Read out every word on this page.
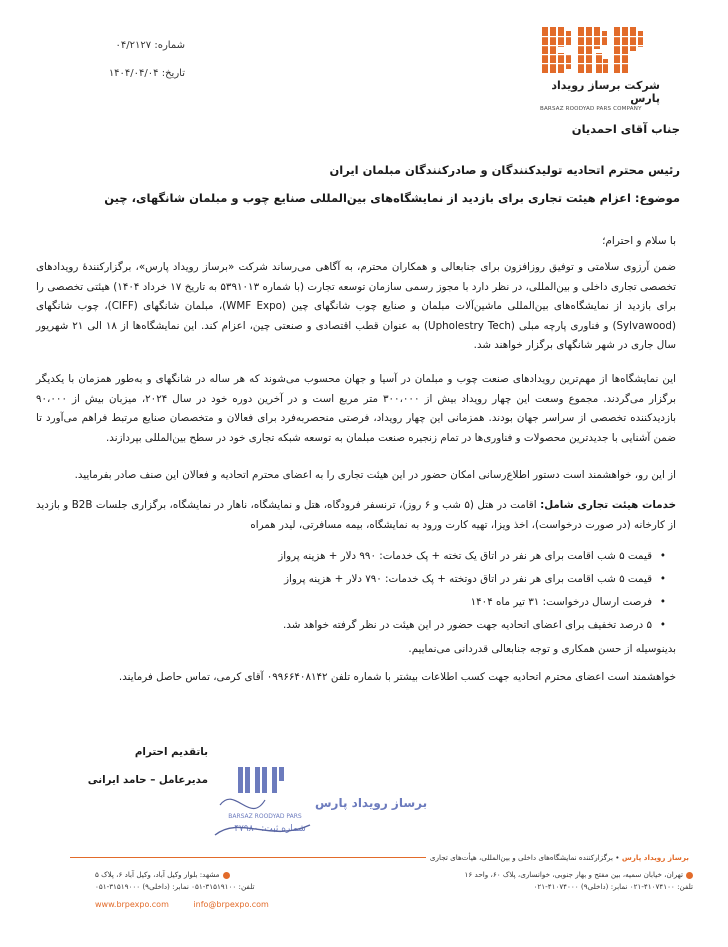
شماره: ۰۴/۲۱۲۷
تاریخ: ۱۴۰۴/۰۴/۰۴
شرکت برساز رویداد پارس
BARSAZ ROODYAD PARS COMPANY
جناب آقای احمدیان
رئیس محترم اتحادیه تولیدکنندگان و صادرکنندگان مبلمان ایران
موضوع: اعزام هیئت تجاری برای بازدید از نمایشگاه‌های بین‌المللی صنایع چوب و مبلمان شانگهای، چین
با سلام و احترام؛
ضمن آرزوی سلامتی و توفیق روزافزون برای جنابعالی و همکاران محترم، به آگاهی می‌رساند شرکت «برساز رویداد پارس»، برگزارکنندهٔ رویدادهای تخصصی تجاری داخلی و بین‌المللی، در نظر دارد با مجوز رسمی سازمان توسعه تجارت (با شماره ۵۳۹۱۰۱۳ به تاریخ ۱۷ خرداد ۱۴۰۴) هیئتی تخصصی را برای بازدید از نمایشگاه‌های بین‌المللی ماشین‌آلات مبلمان و صنایع چوب شانگهای چین (WMF Expo)، مبلمان شانگهای (CIFF)، چوب شانگهای (Sylvawood) و فناوری پارچه مبلی (Upholestry Tech) به عنوان قطب اقتصادی و صنعتی چین، اعزام کند. این نمایشگاه‌ها از ۱۸ الی ۲۱ شهریور سال جاری در شهر شانگهای برگزار خواهند شد.
این نمایشگاه‌ها از مهم‌ترین رویدادهای صنعت چوب و مبلمان در آسیا و جهان محسوب می‌شوند که هر ساله در شانگهای و به‌طور همزمان با یکدیگر برگزار می‌گردند. مجموع وسعت این چهار رویداد بیش از ۳۰۰،۰۰۰ متر مربع است و در آخرین دوره خود در سال ۲۰۲۴، میزبان بیش از ۹۰،۰۰۰ بازدیدکننده تخصصی از سراسر جهان بودند. همزمانی این چهار رویداد، فرصتی منحصربه‌فرد برای فعالان و متخصصان صنایع مرتبط فراهم می‌آورد تا ضمن آشنایی با جدیدترین محصولات و فناوری‌ها در تمام زنجیره صنعت مبلمان به توسعه شبکه تجاری خود در سطح بین‌المللی بپردازند.
از این رو، خواهشمند است دستور اطلاع‌رسانی امکان حضور در این هیئت تجاری را به اعضای محترم اتحادیه و فعالان این صنف صادر بفرمایید.
خدمات هیئت تجاری شامل: اقامت در هتل (۵ شب و ۶ روز)، ترنسفر فرودگاه، هتل و نمایشگاه، ناهار در نمایشگاه، برگزاری جلسات B2B و بازدید از کارخانه (در صورت درخواست)، اخذ ویزا، تهیه کارت ورود به نمایشگاه، بیمه مسافرتی، لیدر همراه
• قیمت ۵ شب اقامت برای هر نفر در اتاق یک تخته + پک خدمات: ۹۹۰ دلار + هزینه پرواز
• قیمت ۵ شب اقامت برای هر نفر در اتاق دوتخته + پک خدمات: ۷۹۰ دلار + هزینه پرواز
• فرصت ارسال درخواست: ۳۱ تیر ماه ۱۴۰۴
• ۵ درصد تخفیف برای اعضای اتحادیه جهت حضور در این هیئت در نظر گرفته خواهد شد.
بدینوسیله از حسن همکاری و توجه جنابعالی قدردانی می‌نماییم.
خواهشمند است اعضای محترم اتحادیه جهت کسب اطلاعات بیشتر با شماره تلفن ۰۹۹۶۶۴۰۸۱۴۲ آقای کرمی، تماس حاصل فرمایند.
باتقدیم احترام
مدیرعامل – حامد ایرانی
برساز رویداد پارس
BARSAZ ROODYAD PARS
شماره ثبت: ۴۷۹۸۰
برساز رویداد پارس • برگزارکننده نمایشگاه‌های داخلی و بین‌المللی، هیأت‌های تجاری
تهران، خیابان سمیه، بین مفتح و بهار جنوبی، خوانساری، پلاک ۶۰، واحد ۱۶
تلفن: ۴۱۰۷۴۱۰۰-۰۲۱ نمابر: (داخلی۹) ۴۱۰۷۴۰۰۰-۰۲۱
مشهد: بلوار وکیل آباد، وکیل آباد ۶، پلاک ۵
تلفن: ۳۱۵۱۹۱۰۰-۰۵۱ نمابر: (داخلی۹) ۳۱۵۱۹۰۰۰-۰۵۱
www.brpexpo.com	info@brpexpo.com
